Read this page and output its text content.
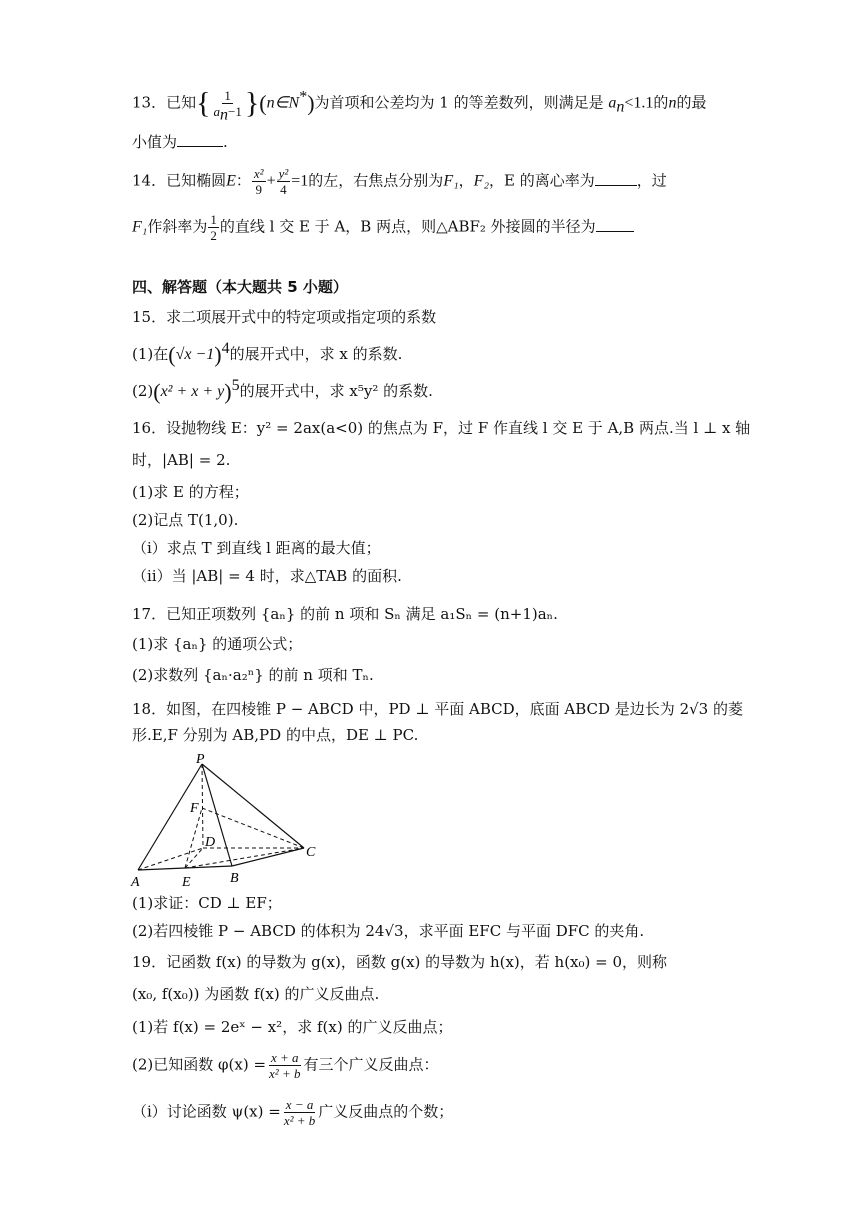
13．已知{ $\frac{1}{a_n-1}$ }(n∈N*)为首项和公差均为 1 的等差数列，则满足是 $a_n<1.1$的n的最
小值为	.
14．已知椭圆E： $\frac{\text{x²}}{9} + \frac{\text{y²}}{4} =1$的左，右焦点分别为F₁，F₂，E 的离心率为	，过
F₁作斜率为 $\frac{1}{2}$ 的直线 l 交 E 于 A，B 两点，则△ABF₂ 外接圆的半径为
四、解答题（本大题共 5 小题）
15．求二项展开式中的特定项或指定项的系数
(1)在$(√x -1)^4$的展开式中，求 x 的系数.
$(2)(x^2 + x + y)^5$的展开式中，求 x⁵y² 的系数.
16．设抛物线 E：y² = 2ax(a<0) 的焦点为 F，过 F 作直线 l 交 E 于 A,B 两点.当 l ⊥ x 轴
时，|AB| = 2.
(1)求 E 的方程；
(2)记点 T(1,0).
（ⅰ）求点 T 到直线 l 距离的最大值；
（ⅱ）当 |AB| = 4 时，求△TAB 的面积.
17．已知正项数列 {aₙ} 的前 n 项和 Sₙ 满足 a₁Sₙ = (n+1)aₙ.
(1)求 {aₙ} 的通项公式；
(2)求数列 {aₙ·a₂ⁿ} 的前 n 项和 Tₙ.
18．如图，在四棱锥 P − ABCD 中，PD ⊥ 平面 ABCD，底面 ABCD 是边长为 2√3 的菱
形.E,F 分别为 AB,PD 的中点，DE ⊥ PC.
P
F
D
C
A	E	B
(1)求证：CD ⊥ EF；
(2)若四棱锥 P − ABCD 的体积为 24√3，求平面 EFC 与平面 DFC 的夹角.
19．记函数 f(x) 的导数为 g(x)，函数 g(x) 的导数为 h(x)，若 h(x₀) = 0，则称
(x₀, f(x₀)) 为函数 f(x) 的广义反曲点.
(1)若 f(x) = 2eˣ − x²，求 f(x) 的广义反曲点；
(2)已知函数 $\varphi(x) = \frac{x + a}{\text{x² + b}}$ 有三个广义反曲点：
（ⅰ）讨论函数 $\psi(x) = \frac{x - a}{\text{x² + b}}$ 广义反曲点的个数；
